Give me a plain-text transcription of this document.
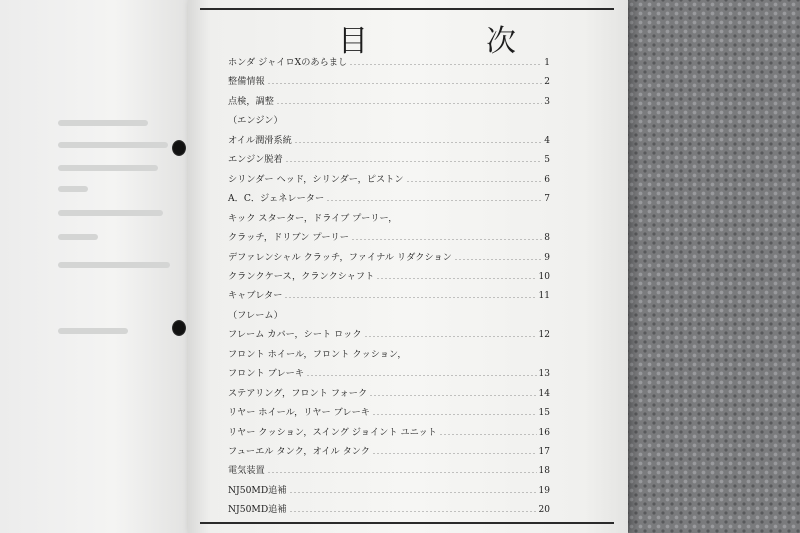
目　次
ホンダ ジャイロXのあらまし	1
整備情報	2
点検，調整	3
（エンジン）
オイル潤滑系統	4
エンジン脱着	5
シリンダー ヘッド，シリンダー，ピストン	6
A．C．ジェネレーター	7
キック スターター，ドライブ プーリー，
クラッチ，ドリブン プーリー	8
デファレンシャル クラッチ，ファイナル リダクション	9
クランクケース，クランクシャフト	10
キャブレター	11
（フレーム）
フレーム カバー，シート ロック	12
フロント ホイール，フロント クッション，
フロント ブレーキ	13
ステアリング，フロント フォーク	14
リヤー ホイール，リヤー ブレーキ	15
リヤー クッション，スイング ジョイント ユニット	16
フューエル タンク，オイル タンク	17
電気装置	18
NJ50MD追補	19
NJ50MD追補	20
